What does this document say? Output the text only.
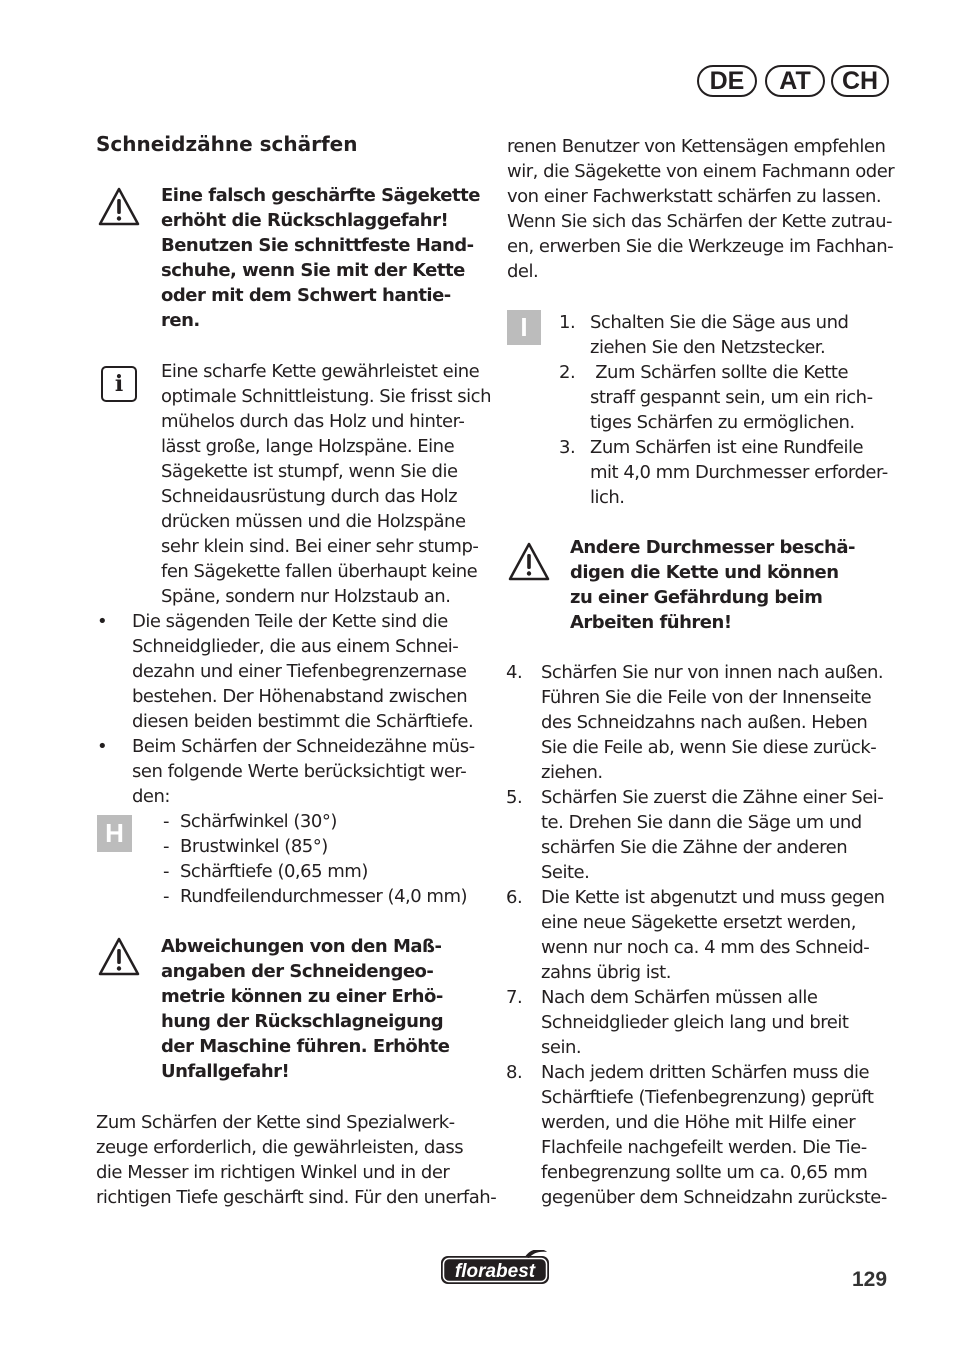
DE	AT	CH
Schneidzähne schärfen
Eine falsch geschärfte Sägekette
erhöht die Rückschlaggefahr!
Benutzen Sie schnittfeste Hand-
schuhe, wenn Sie mit der Kette
oder mit dem Schwert hantie-
ren.
i	Eine scharfe Kette gewährleistet eine
optimale Schnittleistung. Sie frisst sich
mühelos durch das Holz und hinter-
lässt große, lange Holzspäne. Eine
Sägekette ist stumpf, wenn Sie die
Schneidausrüstung durch das Holz
drücken müssen und die Holzspäne
sehr klein sind. Bei einer sehr stump-
fen Sägekette fallen überhaupt keine
Späne, sondern nur Holzstaub an.
• Die sägenden Teile der Kette sind die
Schneidglieder, die aus einem Schnei-
dezahn und einer Tiefenbegrenzernase
bestehen. Der Höhenabstand zwischen
diesen beiden bestimmt die Schärftiefe.
• Beim Schärfen der Schneidezähne müs-
sen folgende Werte berücksichtigt wer-
den:
H	- Schärfwinkel (30°)
- Brustwinkel (85°)
- Schärftiefe (0,65 mm)
- Rundfeilendurchmesser (4,0 mm)
Abweichungen von den Maß-
angaben der Schneidengeo-
metrie können zu einer Erhö-
hung der Rückschlagneigung
der Maschine führen. Erhöhte
Unfallgefahr!
Zum Schärfen der Kette sind Spezialwerk-
zeuge erforderlich, die gewährleisten, dass
die Messer im richtigen Winkel und in der
richtigen Tiefe geschärft sind. Für den unerfah-
renen Benutzer von Kettensägen empfehlen
wir, die Sägekette von einem Fachmann oder
von einer Fachwerkstatt schärfen zu lassen.
Wenn Sie sich das Schärfen der Kette zutrau-
en, erwerben Sie die Werkzeuge im Fachhan-
del.
I	1. Schalten Sie die Säge aus und
ziehen Sie den Netzstecker.
2. Zum Schärfen sollte die Kette
straff gespannt sein, um ein rich-
tiges Schärfen zu ermöglichen.
3. Zum Schärfen ist eine Rundfeile
mit 4,0 mm Durchmesser erforder-
lich.
Andere Durchmesser beschä-
digen die Kette und können
zu einer Gefährdung beim
Arbeiten führen!
4. Schärfen Sie nur von innen nach außen.
Führen Sie die Feile von der Innenseite
des Schneidzahns nach außen. Heben
Sie die Feile ab, wenn Sie diese zurück-
ziehen.
5. Schärfen Sie zuerst die Zähne einer Sei-
te. Drehen Sie dann die Säge um und
schärfen Sie die Zähne der anderen
Seite.
6. Die Kette ist abgenutzt und muss gegen
eine neue Sägekette ersetzt werden,
wenn nur noch ca. 4 mm des Schneid-
zahns übrig ist.
7. Nach dem Schärfen müssen alle
Schneidglieder gleich lang und breit
sein.
8. Nach jedem dritten Schärfen muss die
Schärftiefe (Tiefenbegrenzung) geprüft
werden, und die Höhe mit Hilfe einer
Flachfeile nachgefeilt werden. Die Tie-
fenbegrenzung sollte um ca. 0,65 mm
gegenüber dem Schneidzahn zurückste-
florabest	129
